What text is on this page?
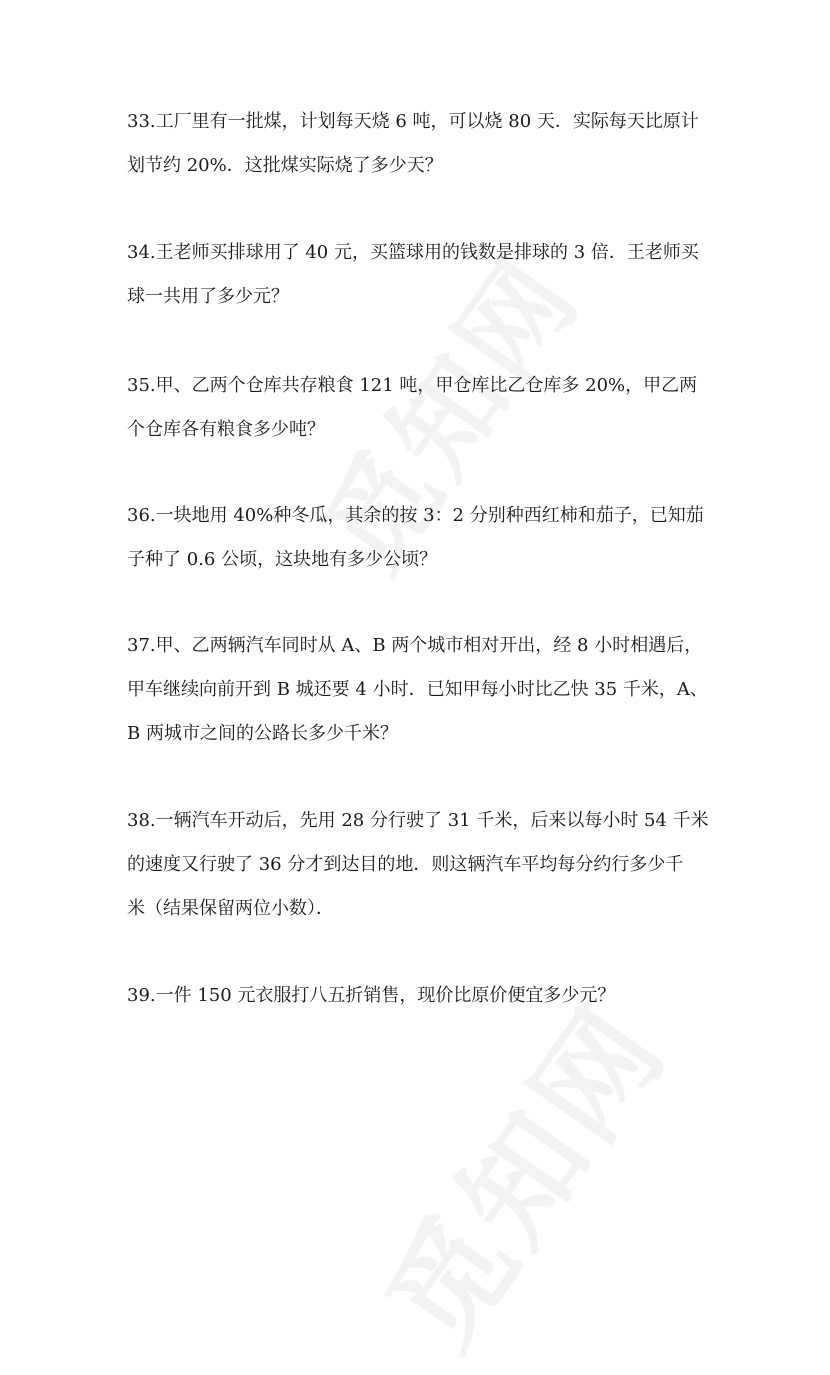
33.工厂里有一批煤，计划每天烧 6 吨，可以烧 80 天．实际每天比原计
划节约 20%．这批煤实际烧了多少天？
34.王老师买排球用了 40 元，买篮球用的钱数是排球的 3 倍．王老师买
球一共用了多少元？
35.甲、乙两个仓库共存粮食 121 吨，甲仓库比乙仓库多 20%，甲乙两
个仓库各有粮食多少吨？
36.一块地用 40%种冬瓜，其余的按 3：2 分别种西红柿和茄子，已知茄
子种了 0.6 公顷，这块地有多少公顷？
37.甲、乙两辆汽车同时从 A、B 两个城市相对开出，经 8 小时相遇后，
甲车继续向前开到 B 城还要 4 小时．已知甲每小时比乙快 35 千米，A、
B 两城市之间的公路长多少千米？
38.一辆汽车开动后，先用 28 分行驶了 31 千米，后来以每小时 54 千米
的速度又行驶了 36 分才到达目的地．则这辆汽车平均每分约行多少千
米（结果保留两位小数）．
39.一件 150 元衣服打八五折销售，现价比原价便宜多少元？
